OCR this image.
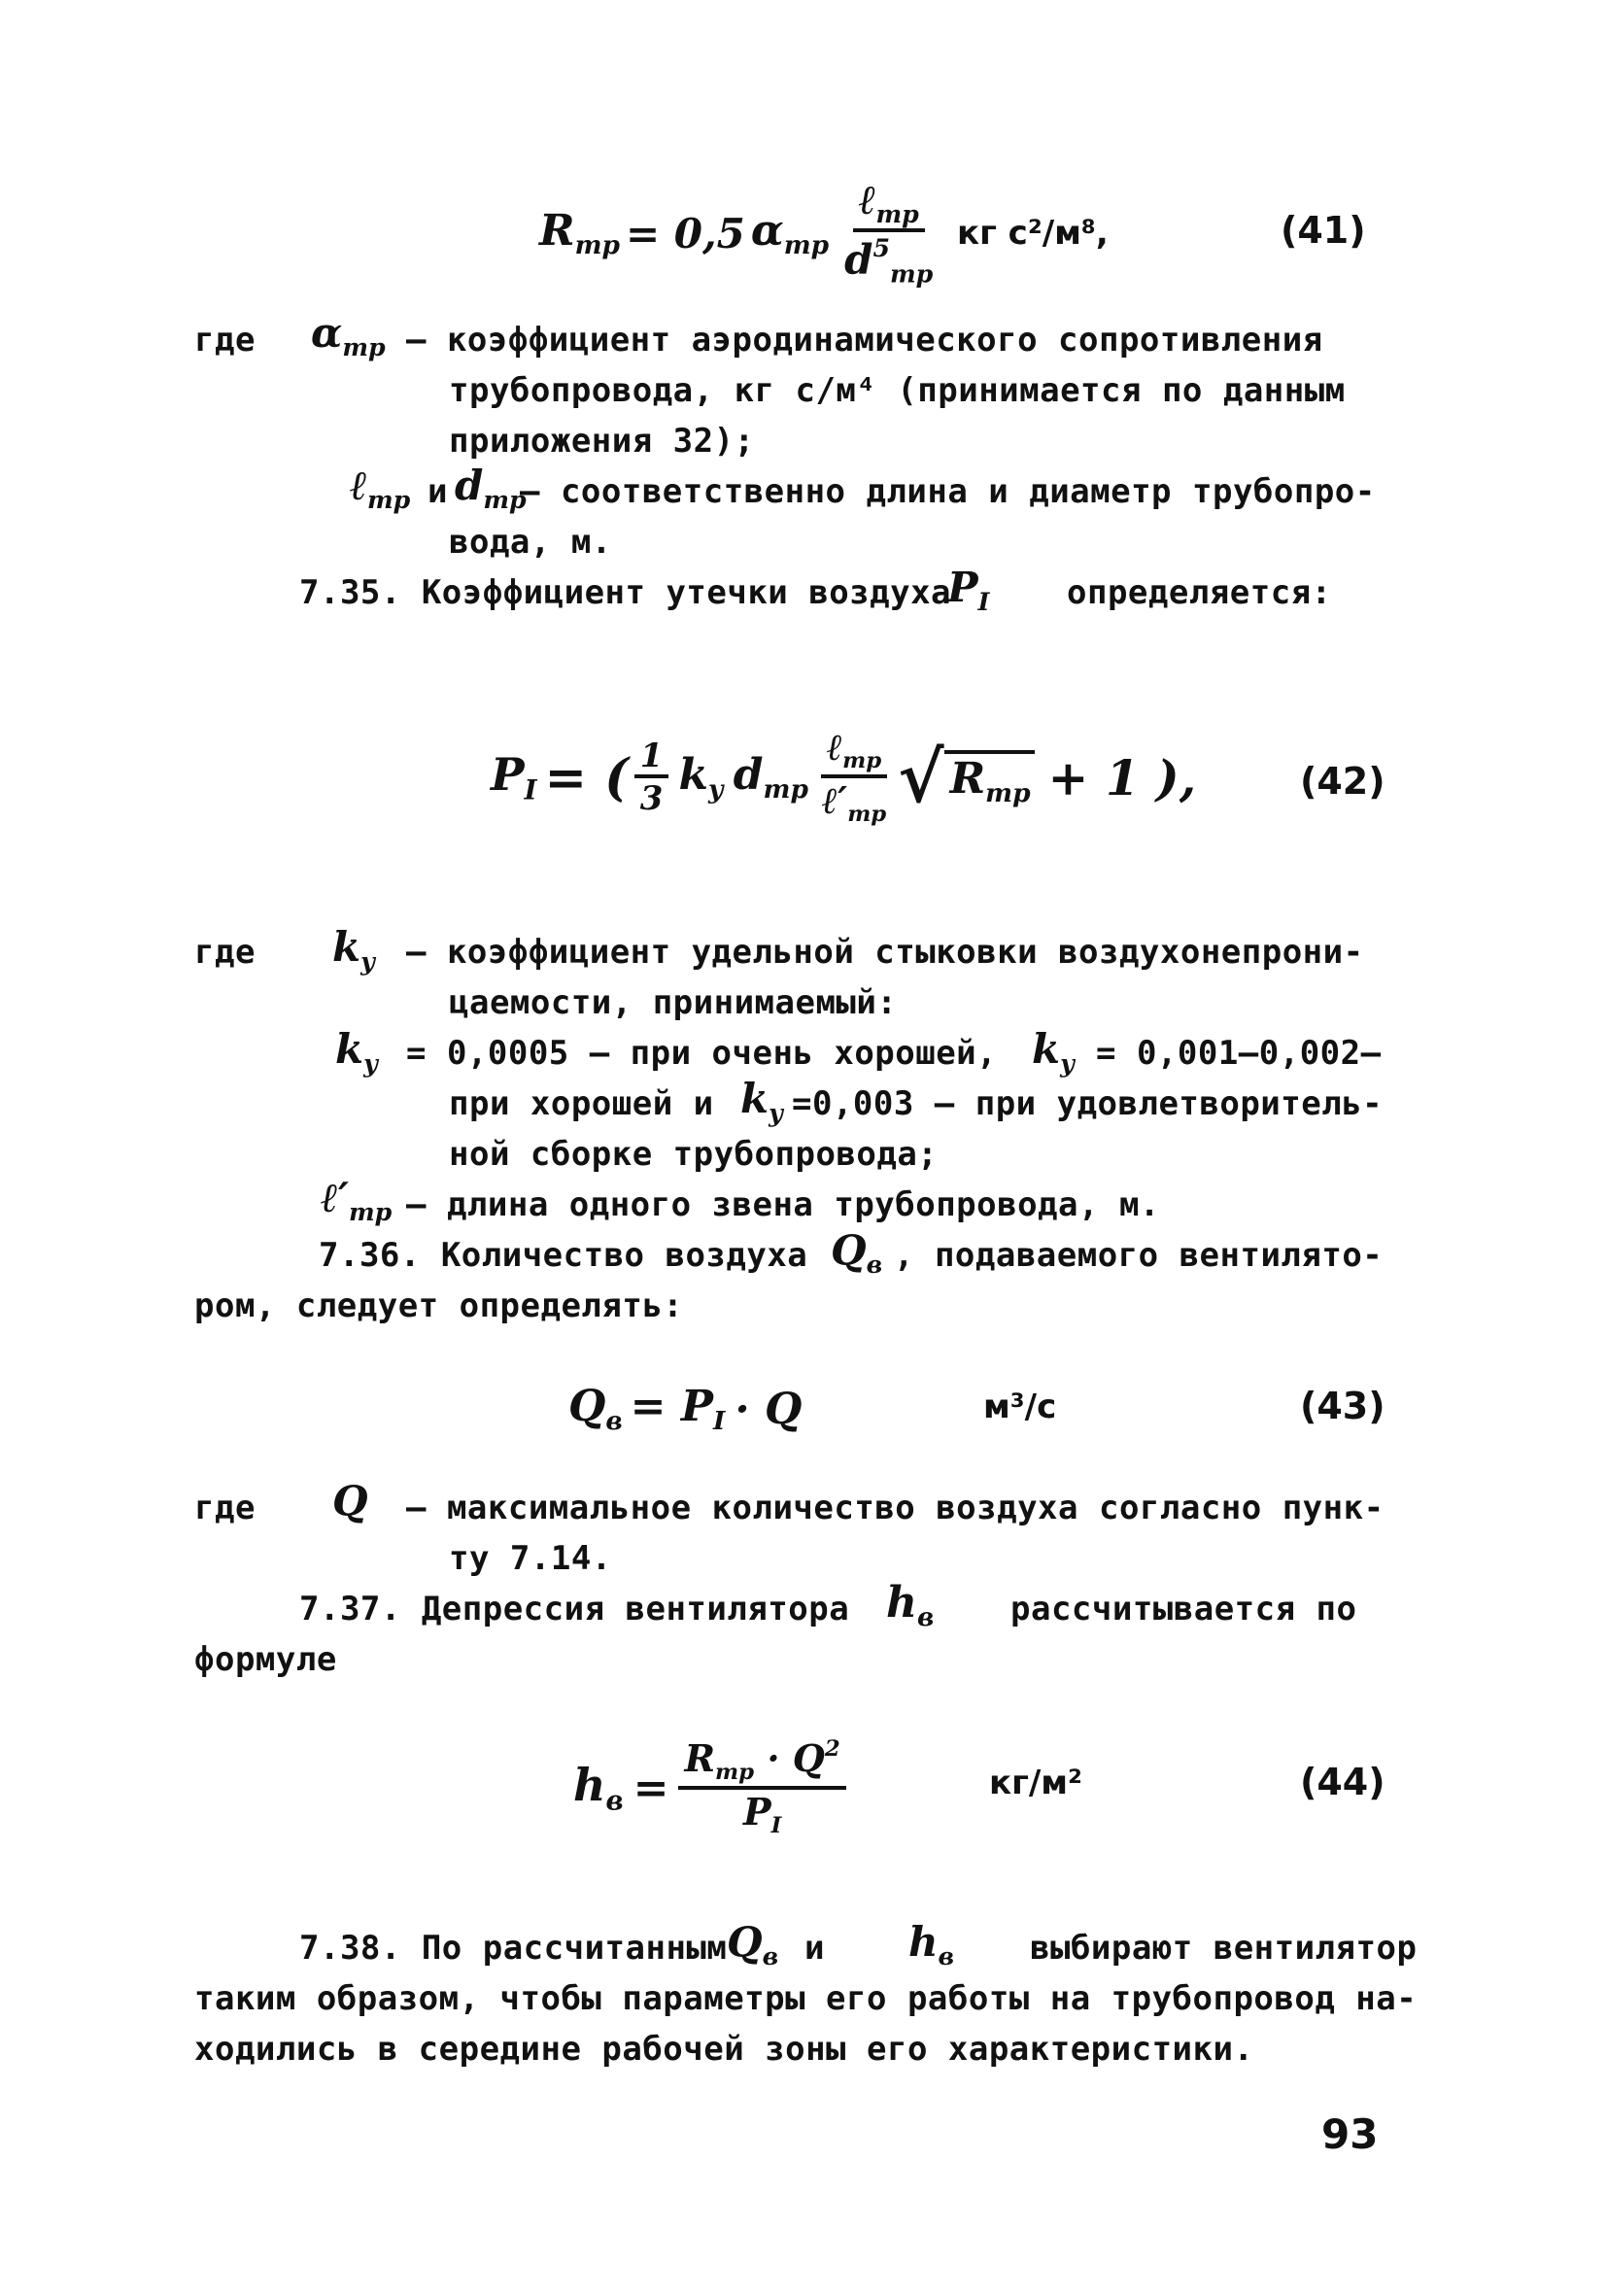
$R_{тр} = 0,5$ $\alpha_{тр} \frac{\ell_{тр}}{d^5_{тр}}$ кг с²/м⁸,	(41)
где $\alpha_{тр}$ – коэффициент аэродинамического сопротивления
трубопровода, кг с/м⁴ (принимается по данным
приложения 32);
ℓ$_{тр}$ и $d_{тр}$
– соответственно длина и диаметр трубопро-
вода, м.
7.35. Коэффициент утечки воздуха
$P_I$ определяется:
$P_I$ = ( $\frac{1}{3} k_у$ $d_{тр} \frac{\ell_{тр}}{\ell'_{тр}}$ √ $R_{тр} + 1$ ),	(42)
где $k_у$ – коэффициент удельной стыковки воздухонепрони-
цаемости, принимаемый:
$k_у = 0,0005$ – при очень хорошей, $k_у = 0,001-0,002-$
при хорошей и $k_у =0,003$ – при удовлетворитель-
ной сборке трубопровода;
$\ell'_{тр}$ – длина одного звена трубопровода, м.
7.36. Количество воздуха $Q_в$ , подаваемого вентилято-
ром, следует определять:
$Q_в = P_I \cdot Q$	м³/с	(43)
где Q – максимальное количество воздуха согласно пунк-
ту 7.14.
7.37. Депрессия вентилятора $h_в$ рассчитывается по
формуле
$h_в = \frac{R_{тр} \cdot Q^2}{P_I}$	кг/м²	(44)
7.38. По рассчитанным $Q_в$ и $h_в$ выбирают вентилятор
таким образом, чтобы параметры его работы на трубопровод на-
ходились в середине рабочей зоны его характеристики.
93
